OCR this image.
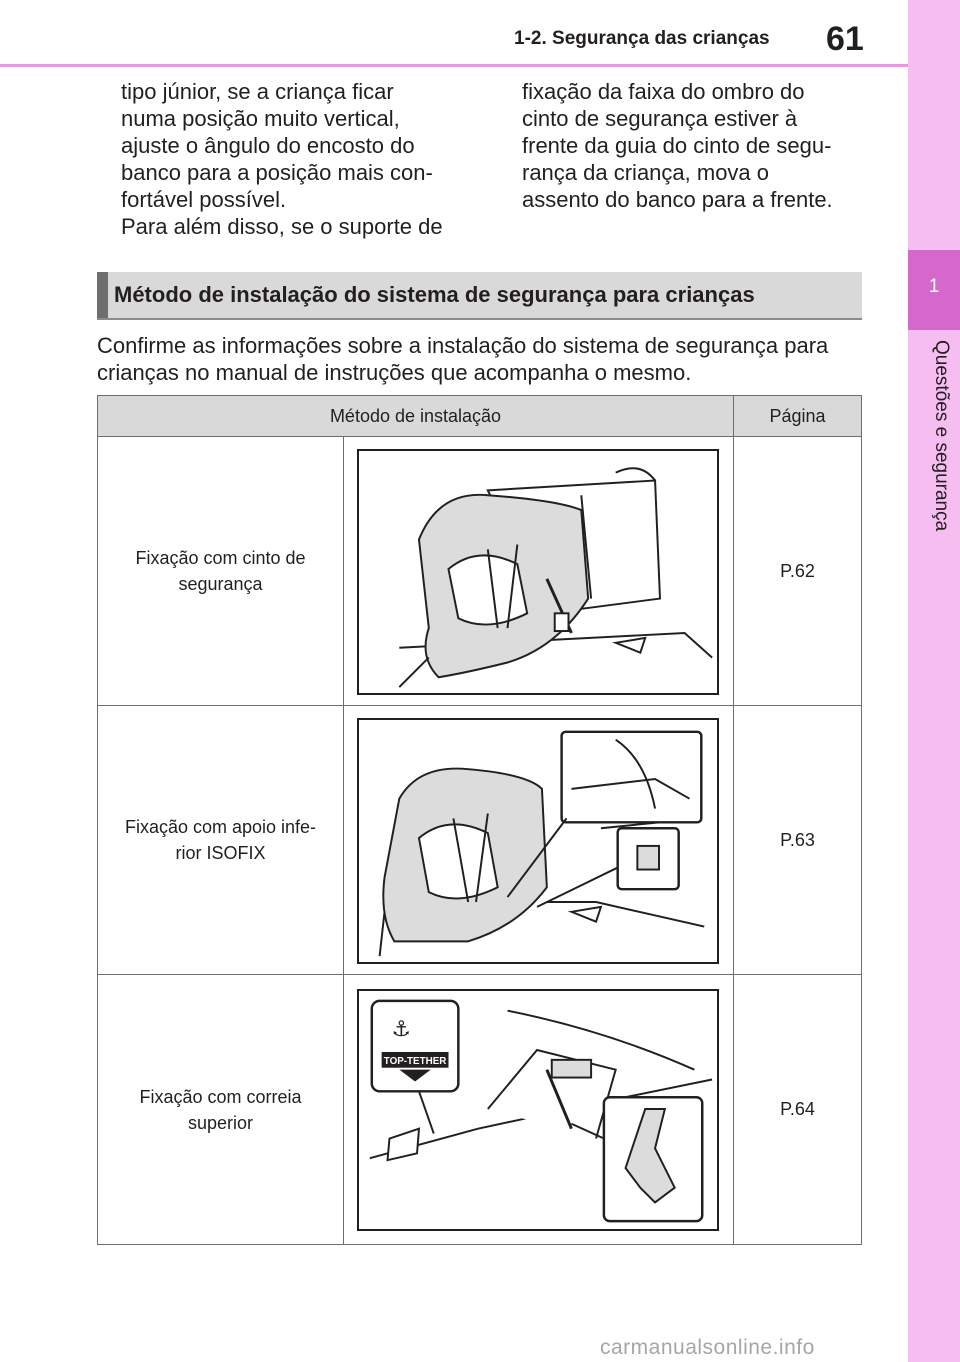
1
Questões e segurança
1-2. Segurança das crianças 61
tipo júnior, se a criança ficar
numa posição muito vertical,
ajuste o ângulo do encosto do
banco para a posição mais con-
fortável possível.
Para além disso, se o suporte de
fixação da faixa do ombro do
cinto de segurança estiver à
frente da guia do cinto de segu-
rança da criança, mova o
assento do banco para a frente.
Método de instalação do sistema de segurança para crianças
Confirme as informações sobre a instalação do sistema de segurança para
crianças no manual de instruções que acompanha o mesmo.
Método de instalação	Página
Fixação com cinto de
segurança
P.62
Fixação com apoio infe-
rior ISOFIX
P.63
Fixação com correia
superior
⚓
TOP-TETHER
P.64
carmanualsonline.info
